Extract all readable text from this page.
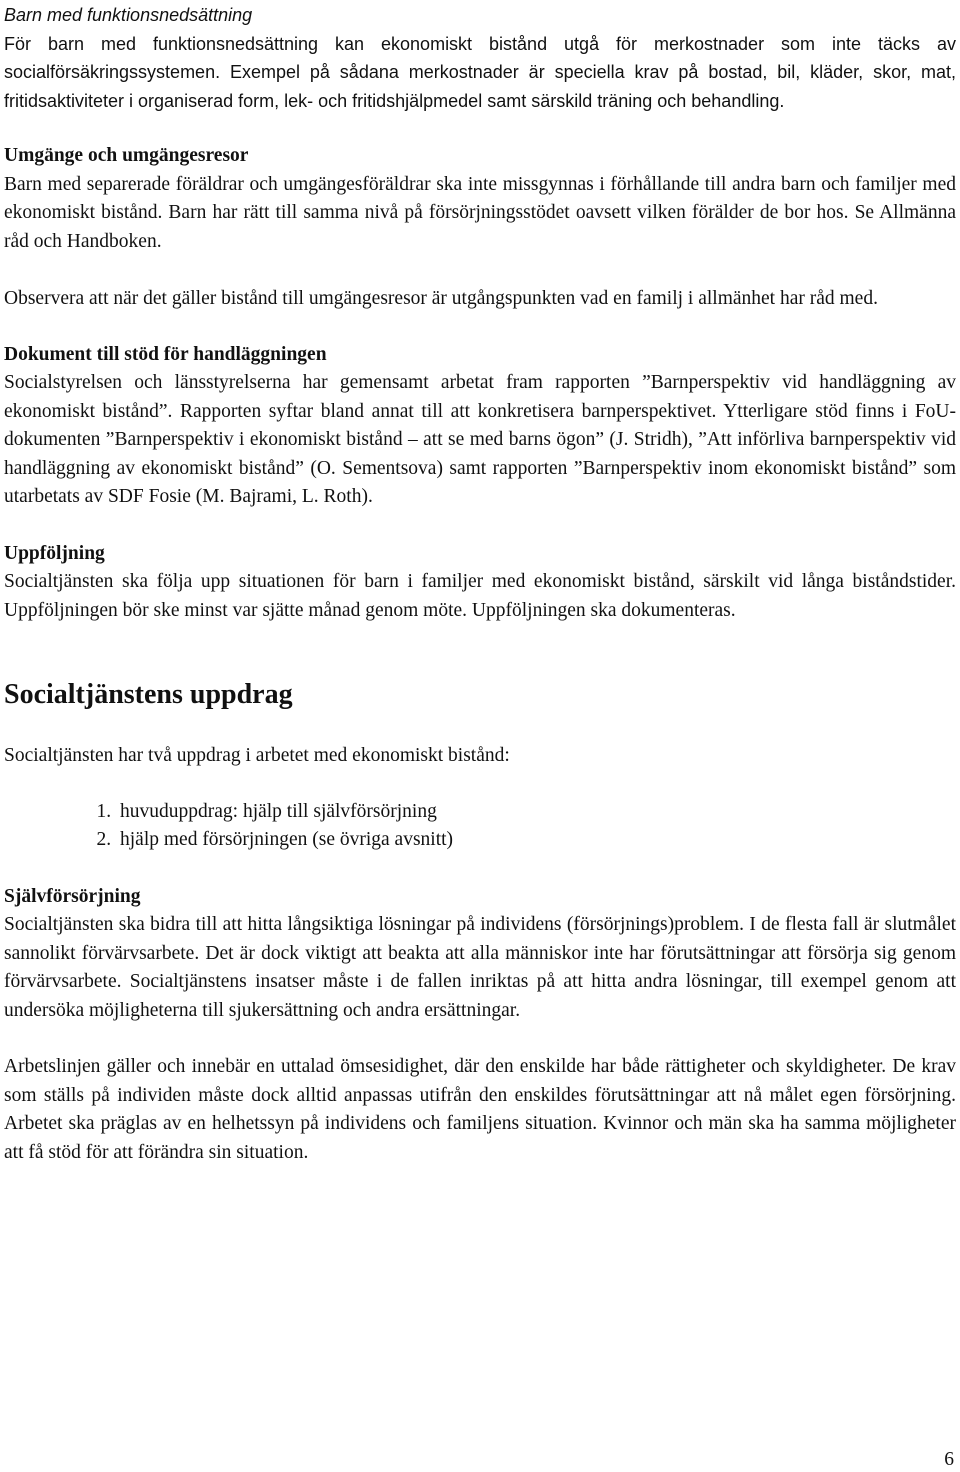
Barn med funktionsnedsättning

För barn med funktionsnedsättning kan ekonomiskt bistånd utgå för merkostnader som inte täcks av socialförsäkringssystemen. Exempel på sådana merkostnader är speciella krav på bostad, bil, kläder, skor, mat, fritidsaktiviteter i organiserad form, lek- och fritidshjälpmedel samt särskild träning och behandling.

Umgänge och umgängesresor

Barn med separerade föräldrar och umgängesföräldrar ska inte missgynnas i förhållande till andra barn och familjer med ekonomiskt bistånd. Barn har rätt till samma nivå på försörjningsstödet oavsett vilken förälder de bor hos. Se Allmänna råd och Handboken.

Observera att när det gäller bistånd till umgängesresor är utgångspunkten vad en familj i allmänhet har råd med.

Dokument till stöd för handläggningen

Socialstyrelsen och länsstyrelserna har gemensamt arbetat fram rapporten ”Barnperspektiv vid handläggning av ekonomiskt bistånd”. Rapporten syftar bland annat till att konkretisera barnperspektivet. Ytterligare stöd finns i FoU-dokumenten ”Barnperspektiv i ekonomiskt bistånd – att se med barns ögon” (J. Stridh), ”Att införliva barnperspektiv vid handläggning av ekonomiskt bistånd” (O. Sementsova) samt rapporten ”Barnperspektiv inom ekonomiskt bistånd” som utarbetats av SDF Fosie (M. Bajrami, L. Roth).

Uppföljning

Socialtjänsten ska följa upp situationen för barn i familjer med ekonomiskt bistånd, särskilt vid långa biståndstider. Uppföljningen bör ske minst var sjätte månad genom möte. Uppföljningen ska dokumenteras.

Socialtjänstens uppdrag

Socialtjänsten har två uppdrag i arbetet med ekonomiskt bistånd:

1. huvuduppdrag: hjälp till självförsörjning
2. hjälp med försörjningen (se övriga avsnitt)
Självförsörjning

Socialtjänsten ska bidra till att hitta långsiktiga lösningar på individens (försörjnings)problem. I de flesta fall är slutmålet sannolikt förvärvsarbete. Det är dock viktigt att beakta att alla människor inte har förutsättningar att försörja sig genom förvärvsarbete. Socialtjänstens insatser måste i de fallen inriktas på att hitta andra lösningar, till exempel genom att undersöka möjligheterna till sjukersättning och andra ersättningar.

Arbetslinjen gäller och innebär en uttalad ömsesidighet, där den enskilde har både rättigheter och skyldigheter. De krav som ställs på individen måste dock alltid anpassas utifrån den enskildes förutsättningar att nå målet egen försörjning. Arbetet ska präglas av en helhetssyn på individens och familjens situation. Kvinnor och män ska ha samma möjligheter att få stöd för att förändra sin situation.

6
